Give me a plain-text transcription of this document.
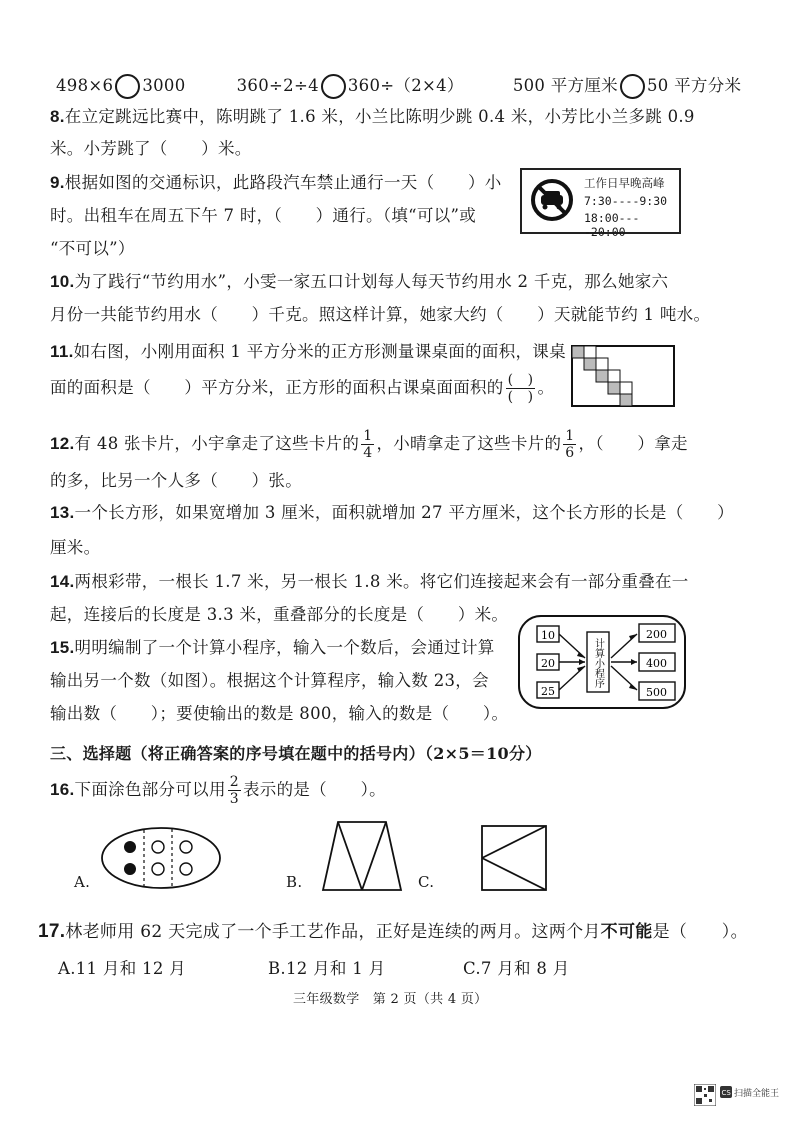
498×6 3000	360÷2÷4 360÷（2×4）	500 平方厘米 50 平方分米
8.在立定跳远比赛中，陈明跳了 1.6 米，小兰比陈明少跳 0.4 米，小芳比小兰多跳 0.9
米。小芳跳了（　　）米。
9.根据如图的交通标识，此路段汽车禁止通行一天（　　）小
时。出租车在周五下午 7 时，（　　）通行。（填“可以”或
“不可以”）
工作日早晚高峰
7:30----9:30
18:00----20:00
10.为了践行“节约用水”，小雯一家五口计划每人每天节约用水 2 千克，那么她家六
月份一共能节约用水（　　）千克。照这样计算，她家大约（　　）天就能节约 1 吨水。
11.如右图，小刚用面积 1 平方分米的正方形测量课桌面的面积，课桌
面的面积是（　　）平方分米，正方形的面积占课桌面面积的 $\frac{( )}{( )}$ 。
12.有 48 张卡片，小宇拿走了这些卡片的 $\frac{1}{4}$ ，小晴拿走了这些卡片的 $\frac{1}{6}$ ，（　　）拿走
的多，比另一个人多（　　）张。
13.一个长方形，如果宽增加 3 厘米，面积就增加 27 平方厘米，这个长方形的长是（　　）
厘米。
14.两根彩带，一根长 1.7 米，另一根长 1.8 米。将它们连接起来会有一部分重叠在一
起，连接后的长度是 3.3 米，重叠部分的长度是（　　）米。
15.明明编制了一个计算小程序，输入一个数后，会通过计算
输出另一个数（如图）。根据这个计算程序，输入数 23，会
输出数（　　）；要使输出的数是 800，输入的数是（　　）。
10
20
25
200
400
500
计算小程序
三、选择题（将正确答案的序号填在题中的括号内）（2×5＝10分）
16.下面涂色部分可以用 $\frac{2}{3}$ 表示的是（　　）。
A.	B.	C.
17.林老师用 62 天完成了一个手工艺作品，正好是连续的两月。这两个月不可能是（　　）。
A.11 月和 12 月	B.12 月和 1 月	C.7 月和 8 月
三年级数学　第 2 页（共 4 页）
CS 扫描全能王
